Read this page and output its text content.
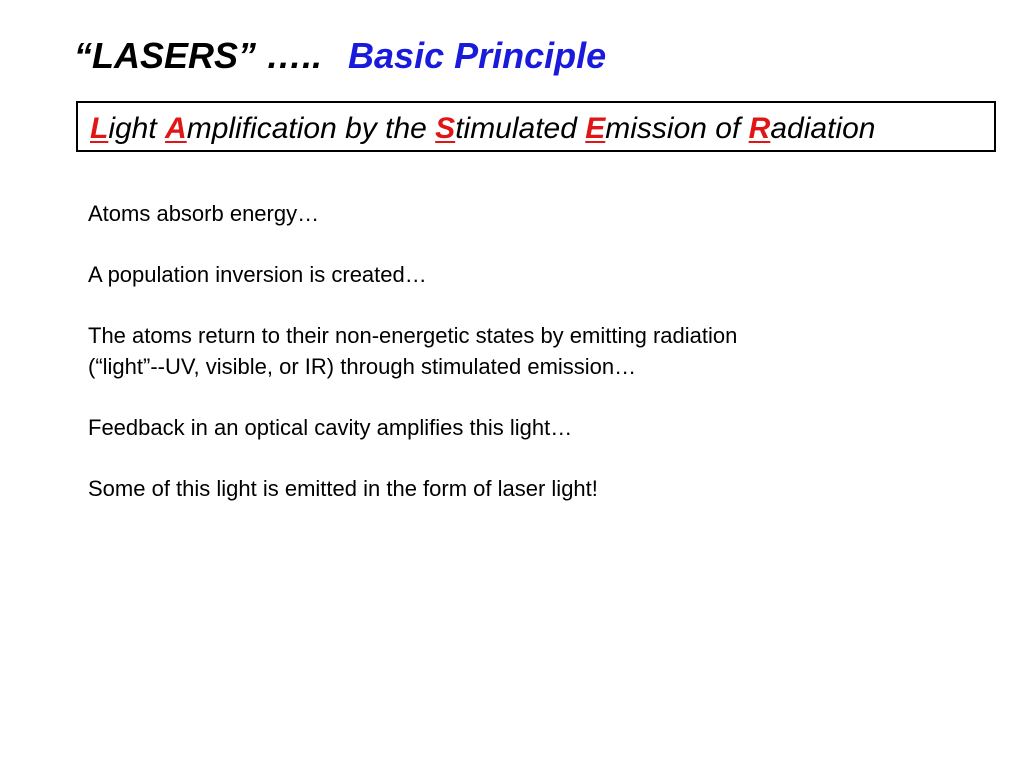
“LASERS” ….. Basic Principle
Light Amplification by the Stimulated Emission of Radiation
Atoms absorb energy…
A population inversion is created…
The atoms return to their non-energetic states by emitting radiation
(“light”--UV, visible, or IR) through stimulated emission…
Feedback in an optical cavity amplifies this light…
Some of this light is emitted in the form of laser light!
